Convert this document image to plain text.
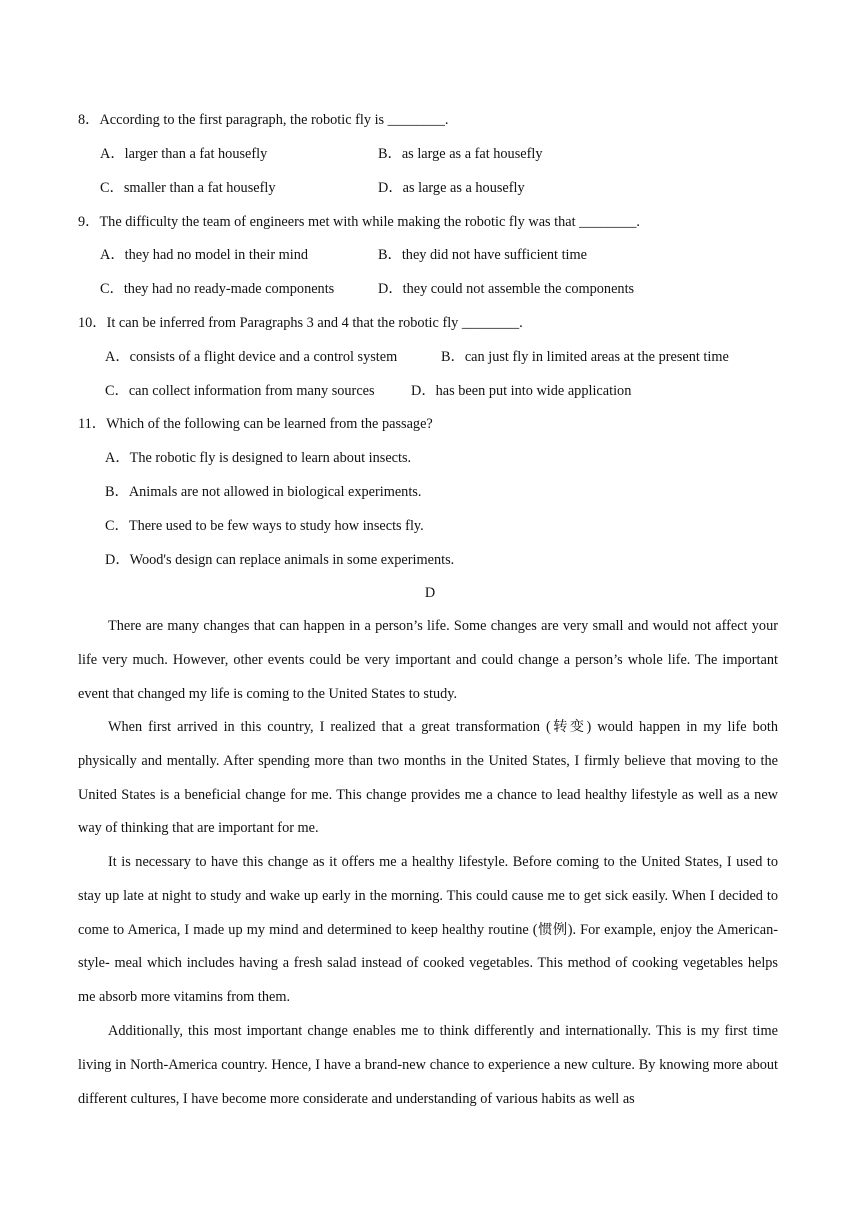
8．According to the first paragraph, the robotic fly is ________.
A．larger than a fat housefly	B．as large as a fat housefly
C．smaller than a fat housefly	D．as large as a housefly
9．The difficulty the team of engineers met with while making the robotic fly was that ________.
A．they had no model in their mind	B．they did not have sufficient time
C．they had no ready-made components	D．they could not assemble the components
10．It can be inferred from Paragraphs 3 and 4 that the robotic fly ________.
A．consists of a flight device and a control system	B．can just fly in limited areas at the present time
C．can collect information from many sources	D．has been put into wide application
11．Which of the following can be learned from the passage?
A．The robotic fly is designed to learn about insects.
B．Animals are not allowed in biological experiments.
C．There used to be few ways to study how insects fly.
D．Wood's design can replace animals in some experiments.
D

There are many changes that can happen in a person’s life. Some changes are very small and would not affect your life very much. However, other events could be very important and could change a person’s whole life. The important event that changed my life is coming to the United States to study.

When first arrived in this country, I realized that a great transformation (转变) would happen in my life both physically and mentally. After spending more than two months in the United States, I firmly believe that moving to the United States is a beneficial change for me. This change provides me a chance to lead healthy lifestyle as well as a new way of thinking that are important for me.

It is necessary to have this change as it offers me a healthy lifestyle. Before coming to the United States, I used to stay up late at night to study and wake up early in the morning. This could cause me to get sick easily. When I decided to come to America, I made up my mind and determined to keep healthy routine (惯例). For example, enjoy the American-style- meal which includes having a fresh salad instead of cooked vegetables. This method of cooking vegetables helps me absorb more vitamins from them.

Additionally, this most important change enables me to think differently and internationally. This is my first time living in North-America country. Hence, I have a brand-new chance to experience a new culture. By knowing more about different cultures, I have become more considerate and understanding of various habits as well as
